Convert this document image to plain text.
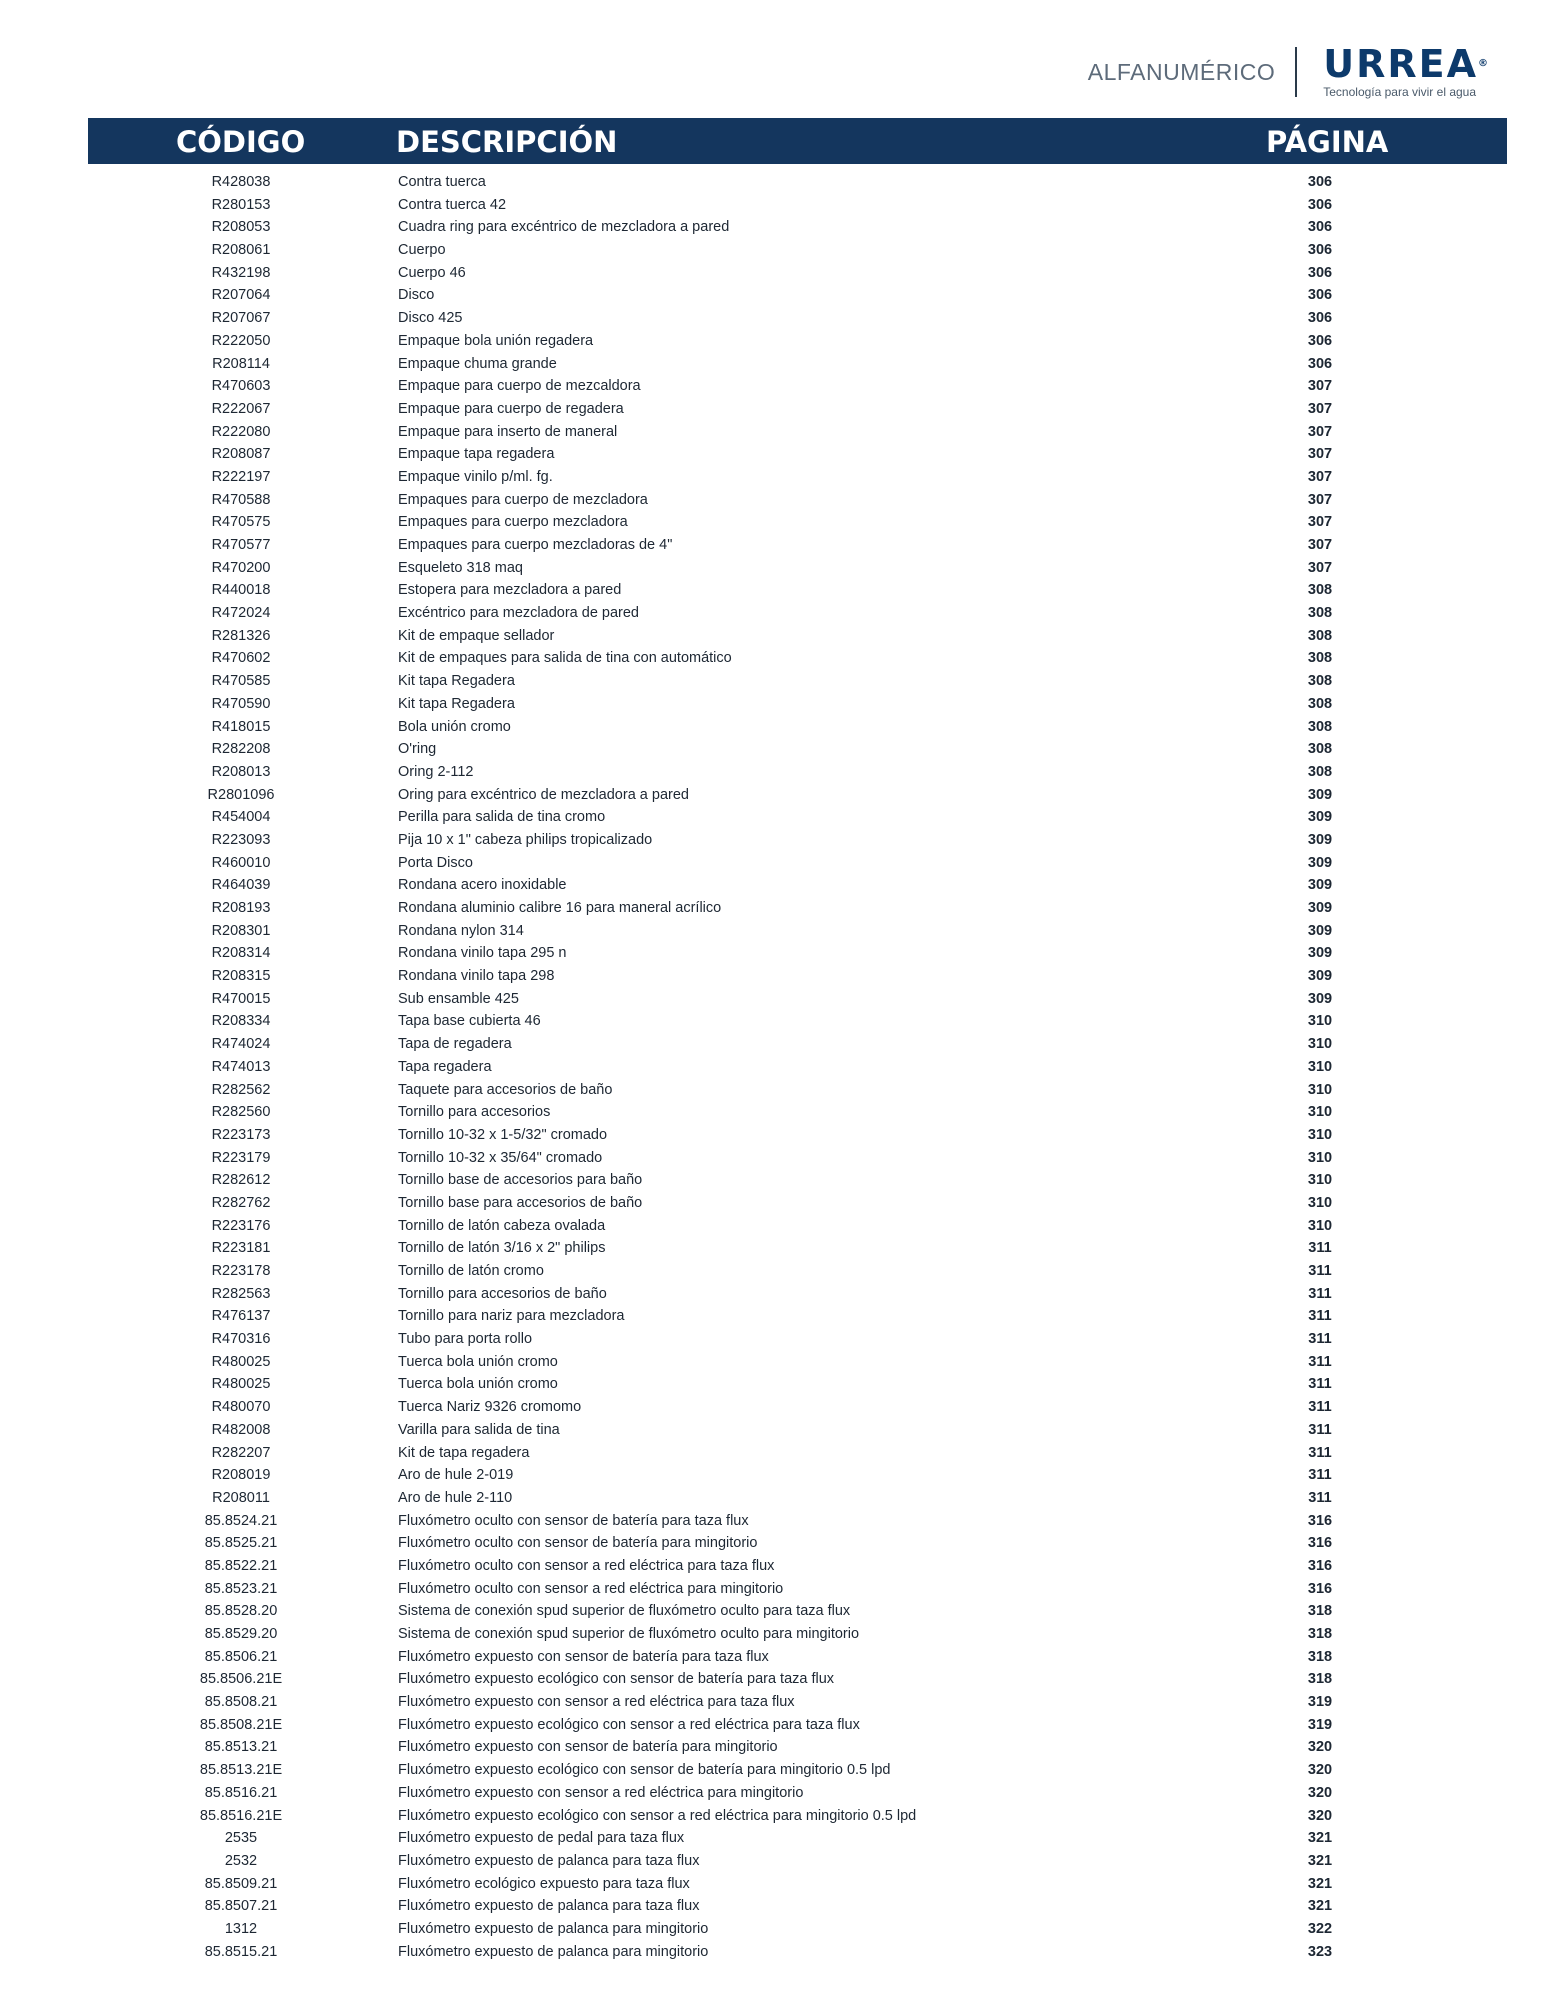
ALFANUMÉRICO URREA®
Tecnología para vivir el agua
CÓDIGO	DESCRIPCIÓN	PÁGINA
R428038	Contra tuerca	306
R280153	Contra tuerca 42	306
R208053	Cuadra ring para excéntrico de mezcladora a pared	306
R208061	Cuerpo	306
R432198	Cuerpo 46	306
R207064	Disco	306
R207067	Disco 425	306
R222050	Empaque bola unión regadera	306
R208114	Empaque chuma grande	306
R470603	Empaque para cuerpo de mezcaldora	307
R222067	Empaque para cuerpo de regadera	307
R222080	Empaque para inserto de maneral	307
R208087	Empaque tapa regadera	307
R222197	Empaque vinilo p/ml. fg.	307
R470588	Empaques para cuerpo de mezcladora	307
R470575	Empaques para cuerpo mezcladora	307
R470577	Empaques para cuerpo mezcladoras de 4"	307
R470200	Esqueleto 318 maq	307
R440018	Estopera para mezcladora a pared	308
R472024	Excéntrico para mezcladora de pared	308
R281326	Kit de empaque sellador	308
R470602	Kit de empaques para salida de tina con automático	308
R470585	Kit tapa Regadera	308
R470590	Kit tapa Regadera	308
R418015	Bola unión cromo	308
R282208	O'ring	308
R208013	Oring 2-112	308
R2801096	Oring para excéntrico de mezcladora a pared	309
R454004	Perilla para salida de tina cromo	309
R223093	Pija 10 x 1" cabeza philips tropicalizado	309
R460010	Porta Disco	309
R464039	Rondana acero inoxidable	309
R208193	Rondana aluminio calibre 16 para maneral acrílico	309
R208301	Rondana nylon 314	309
R208314	Rondana vinilo tapa 295 n	309
R208315	Rondana vinilo tapa 298	309
R470015	Sub ensamble 425	309
R208334	Tapa base cubierta 46	310
R474024	Tapa de regadera	310
R474013	Tapa regadera	310
R282562	Taquete para accesorios de baño	310
R282560	Tornillo para accesorios	310
R223173	Tornillo 10-32 x 1-5/32" cromado	310
R223179	Tornillo 10-32 x 35/64" cromado	310
R282612	Tornillo base de accesorios para baño	310
R282762	Tornillo base para accesorios de baño	310
R223176	Tornillo de latón cabeza ovalada	310
R223181	Tornillo de latón 3/16 x 2" philips	311
R223178	Tornillo de latón cromo	311
R282563	Tornillo para accesorios de baño	311
R476137	Tornillo para nariz para mezcladora	311
R470316	Tubo para porta rollo	311
R480025	Tuerca bola unión cromo	311
R480025	Tuerca bola unión cromo	311
R480070	Tuerca Nariz 9326 cromomo	311
R482008	Varilla para salida de tina	311
R282207	Kit de tapa regadera	311
R208019	Aro de hule 2-019	311
R208011	Aro de hule 2-110	311
85.8524.21	Fluxómetro oculto con sensor de batería para taza flux	316
85.8525.21	Fluxómetro oculto con sensor de batería para mingitorio	316
85.8522.21	Fluxómetro oculto con sensor a red eléctrica para taza flux	316
85.8523.21	Fluxómetro oculto con sensor a red eléctrica para mingitorio	316
85.8528.20	Sistema de conexión spud superior de fluxómetro oculto para taza flux	318
85.8529.20	Sistema de conexión spud superior de fluxómetro oculto para mingitorio	318
85.8506.21	Fluxómetro expuesto con sensor de batería para taza flux	318
85.8506.21E	Fluxómetro expuesto ecológico con sensor de batería para taza flux	318
85.8508.21	Fluxómetro expuesto con sensor a red eléctrica para taza flux	319
85.8508.21E	Fluxómetro expuesto ecológico con sensor a red eléctrica para taza flux	319
85.8513.21	Fluxómetro expuesto con sensor de batería para mingitorio	320
85.8513.21E	Fluxómetro expuesto ecológico con sensor de batería para mingitorio 0.5 lpd	320
85.8516.21	Fluxómetro expuesto con sensor a red eléctrica para mingitorio	320
85.8516.21E	Fluxómetro expuesto ecológico con sensor a red eléctrica para mingitorio 0.5 lpd	320
2535	Fluxómetro expuesto de pedal para taza flux	321
2532	Fluxómetro expuesto de palanca para taza flux	321
85.8509.21	Fluxómetro ecológico expuesto para taza flux	321
85.8507.21	Fluxómetro expuesto de palanca para taza flux	321
1312	Fluxómetro expuesto de palanca para mingitorio	322
85.8515.21	Fluxómetro expuesto de palanca para mingitorio	323
